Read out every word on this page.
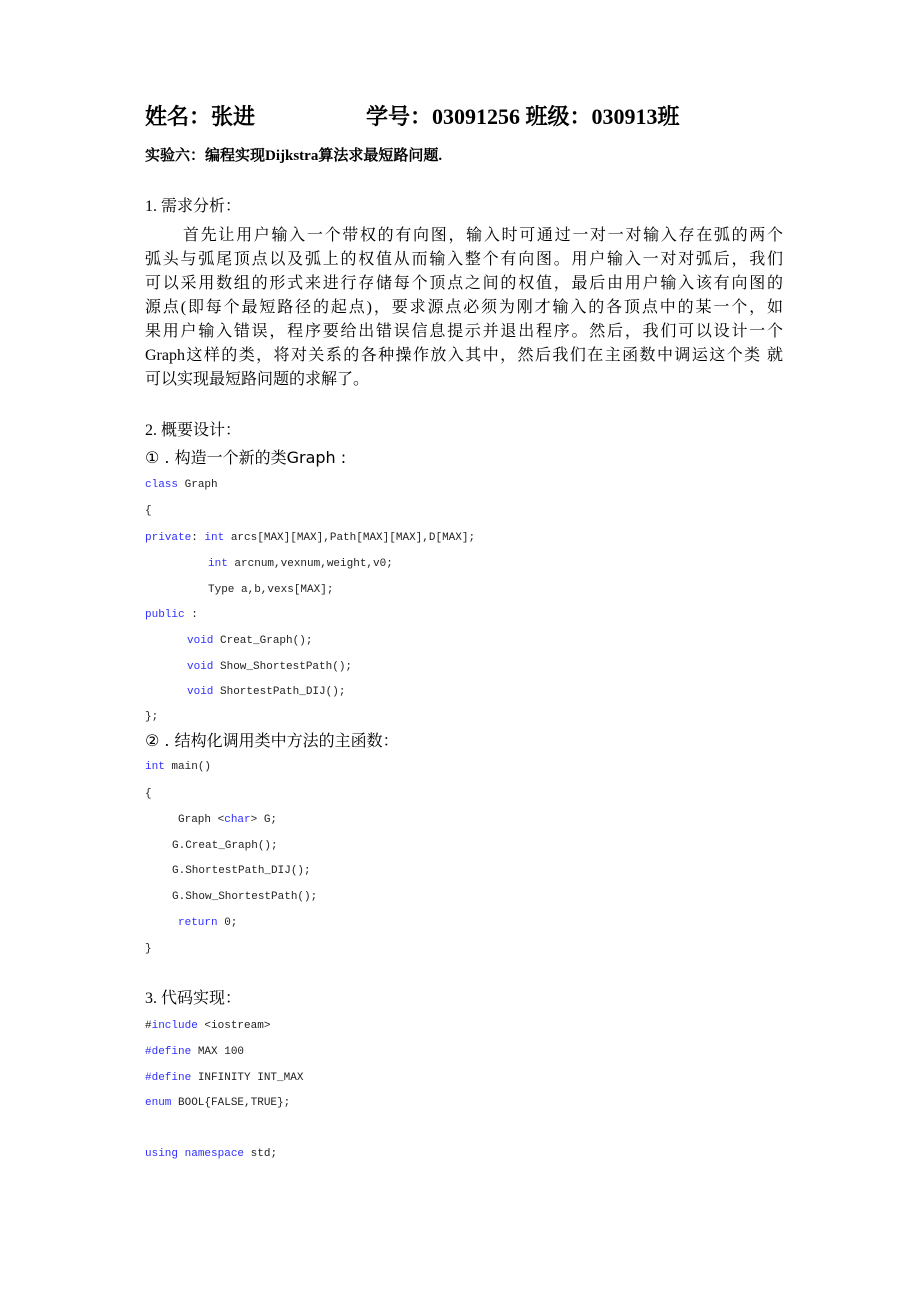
姓名：张进	学号：03091256 班级：030913班
实验六：编程实现Dijkstra算法求最短路问题.
1. 需求分析：
首先让用户输入一个带权的有向图，输入时可通过一对一对输入存在弧的两个
弧头与弧尾顶点以及弧上的权值从而输入整个有向图。用户输入一对对弧后，我们
可以采用数组的形式来进行存储每个顶点之间的权值，最后由用户输入该有向图的
源点(即每个最短路径的起点)，要求源点必须为刚才输入的各顶点中的某一个，如
果用户输入错误，程序要给出错误信息提示并退出程序。然后，我们可以设计一个
Graph这样的类，将对关系的各种操作放入其中，然后我们在主函数中调运这个类 就
可以实现最短路问题的求解了。
2. 概要设计：
① . 构造一个新的类Graph :
class Graph
{
private: int arcs[MAX][MAX],Path[MAX][MAX],D[MAX];
int arcnum,vexnum,weight,v0;
Type a,b,vexs[MAX];
public :
void Creat_Graph();
void Show_ShortestPath();
void ShortestPath_DIJ();
};
② . 结构化调用类中方法的主函数：
int main()
{
Graph <char> G;
G.Creat_Graph();
G.ShortestPath_DIJ();
G.Show_ShortestPath();
return 0;
}
3. 代码实现：
#include <iostream>
#define MAX 100
#define INFINITY INT_MAX
enum BOOL{FALSE,TRUE};
using namespace std;
